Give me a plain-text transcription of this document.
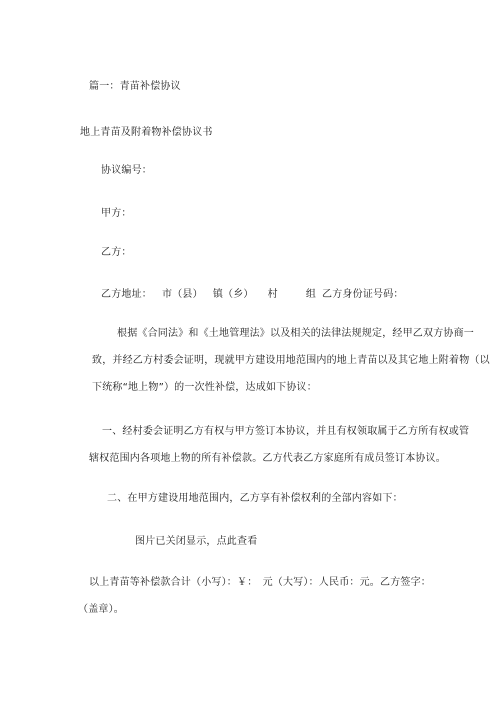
篇一：青苗补偿协议
地上青苗及附着物补偿协议书
协议编号：
甲方：
乙方：
乙方地址： 市（县） 镇（乡） 村	组 乙方身份证号码：
根据《合同法》和《土地管理法》以及相关的法律法规规定，经甲乙双方协商一
致，并经乙方村委会证明，现就甲方建设用地范围内的地上青苗以及其它地上附着物（以
下统称“地上物”）的一次性补偿，达成如下协议：
一、经村委会证明乙方有权与甲方签订本协议，并且有权领取属于乙方所有权或管
辖权范围内各项地上物的所有补偿款。乙方代表乙方家庭所有成员签订本协议。
二、在甲方建设用地范围内，乙方享有补偿权利的全部内容如下：
图片已关闭显示，点此查看
以上青苗等补偿款合计（小写）：￥：　元（大写）：人民币：元。乙方签字：
（盖章）。
